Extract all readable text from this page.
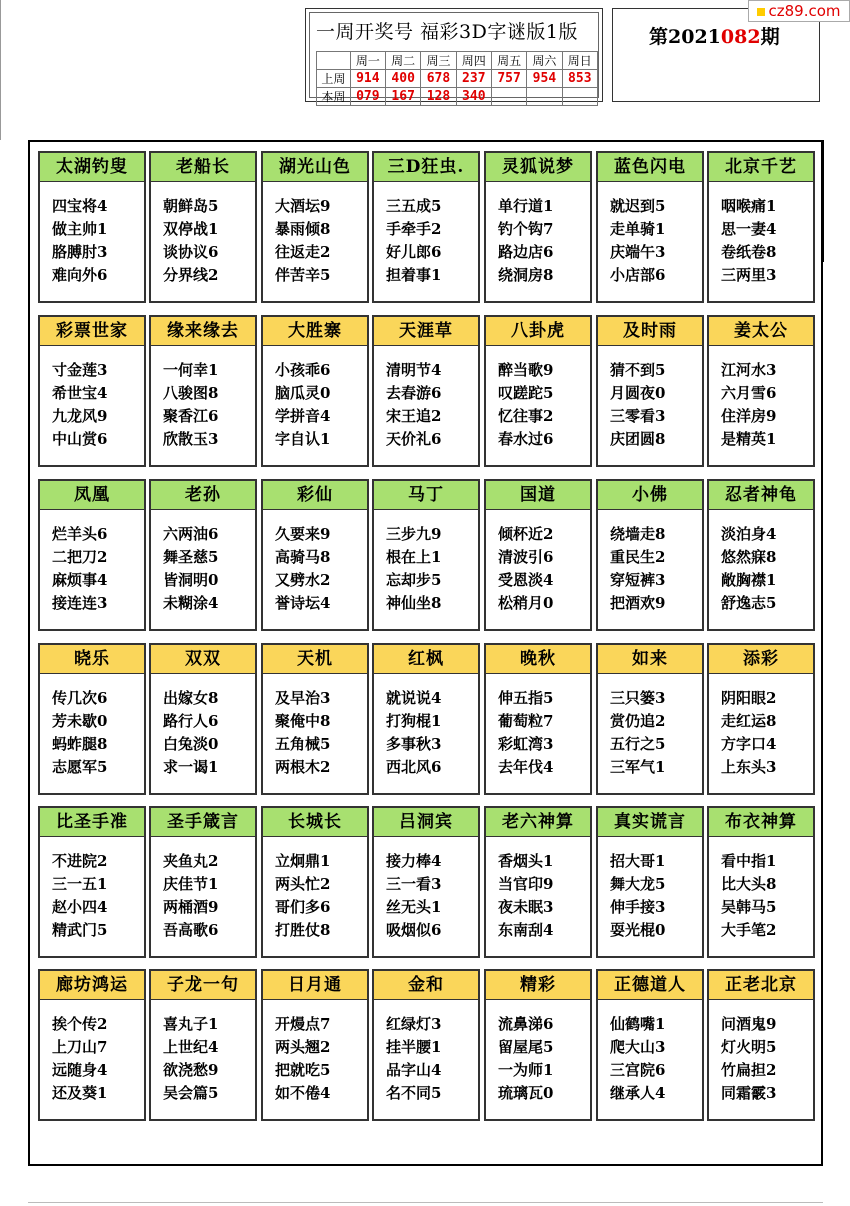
一周开奖号 福彩3D字谜版1版
	周一	周二	周三	周四	周五	周六	周日
上周	914	400	678	237	757	954	853
本周	079	167	128	340			
第2021082期
cz89.com
太湖钓叟
四宝将4
做主帅1
胳膊肘3
难向外6
老船长
朝鲜岛5
双停战1
谈协议6
分界线2
湖光山色
大酒坛9
暴雨倾8
往返走2
伴苦辛5
三D狂虫.
三五成5
手牵手2
好儿郎6
担着事1
灵狐说梦
单行道1
钓个钩7
路边店6
绕洞房8
蓝色闪电
就迟到5
走单骑1
庆端午3
小店部6
北京千艺
咽喉痛1
思一妻4
卷纸卷8
三两里3
彩票世家
寸金莲3
希世宝4
九龙风9
中山赏6
缘来缘去
一何幸1
八骏图8
聚香江6
欣散玉3
大胜寨
小孩乖6
脑瓜灵0
学拼音4
字自认1
天涯草
清明节4
去春游6
宋王追2
天价礼6
八卦虎
醉当歌9
叹蹉跎5
忆往事2
春水过6
及时雨
猜不到5
月圆夜0
三零看3
庆团圆8
姜太公
江河水3
六月雪6
住洋房9
是精英1
凤凰
烂羊头6
二把刀2
麻烦事4
接连连3
老孙
六两油6
舞圣慈5
皆洞明0
未糊涂4
彩仙
久要来9
高骑马8
又劈水2
誉诗坛4
马丁
三步九9
根在上1
忘却步5
神仙坐8
国道
倾杯近2
清波引6
受恩淡4
松稍月0
小佛
绕墙走8
重民生2
穿短裤3
把酒欢9
忍者神龟
淡泊身4
悠然寐8
敞胸襟1
舒逸志5
晓乐
传几次6
芳未歇0
蚂蚱腿8
志愿军5
双双
出嫁女8
路行人6
白兔淡0
求一谒1
天机
及早治3
聚俺中8
五角械5
两根木2
红枫
就说说4
打狗棍1
多事秋3
西北风6
晚秋
伸五指5
葡萄粒7
彩虹湾3
去年伐4
如来
三只篓3
赏仍追2
五行之5
三军气1
添彩
阴阳眼2
走红运8
方字口4
上东头3
比圣手准
不进院2
三一五1
赵小四4
精武门5
圣手箴言
夹鱼丸2
庆佳节1
两桶酒9
吾高歌6
长城长
立炯鼎1
两头忙2
哥们多6
打胜仗8
吕洞宾
接力棒4
三一看3
丝无头1
吸烟似6
老六神算
香烟头1
当官印9
夜未眠3
东南刮4
真实谎言
招大哥1
舞大龙5
伸手接3
耍光棍0
布衣神算
看中指1
比大头8
吴韩马5
大手笔2
廊坊鸿运
挨个传2
上刀山7
远随身4
还及葵1
子龙一句
喜丸子1
上世纪4
欲浇愁9
吴会篇5
日月通
开熳点7
两头翘2
把就吃5
如不倦4
金和
红绿灯3
挂半腰1
品字山4
名不同5
精彩
流鼻涕6
留屋尾5
一为师1
琉璃瓦0
正德道人
仙鹤嘴1
爬大山3
三宫院6
继承人4
正老北京
问酒鬼9
灯火明5
竹扁担2
同霜霰3
